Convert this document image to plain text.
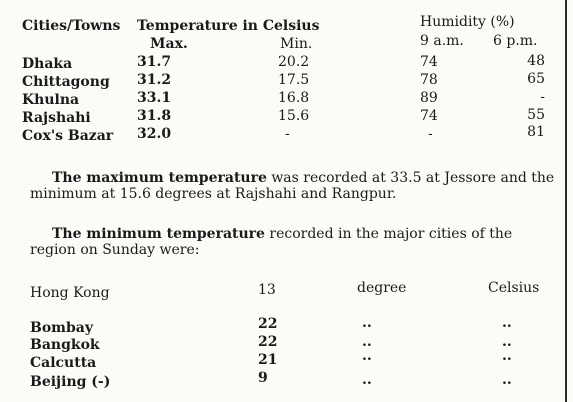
Cities/Towns Temperature in Celsius	Humidity (%)
Max.	Min.	9 a.m. 6 p.m.
Dhaka	31.7	20.2	74	48
Chittagong 31.2	17.5	78	65
Khulna	33.1	16.8	89	-
Rajshahi	31.8	15.6	74	55
Cox's Bazar 32.0	-	-	81
The maximum temperature was recorded at 33.5 at Jessore and the minimum at 15.6 degrees at Rajshahi and Rangpur.
The minimum temperature recorded in the major cities of the region on Sunday were:
Hong Kong	13	degree	Celsius
Bombay	22	..	..
Bangkok	22	..	..
Calcutta	21	..	..
Beijing (-)	9	..	..
